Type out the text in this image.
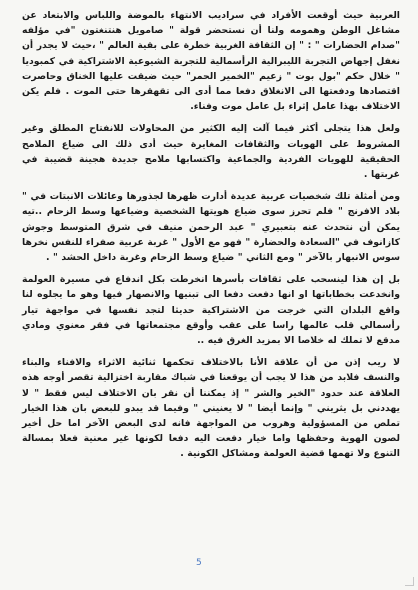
العربية حيث أوقعت الأفراد في سراديب الانتهاء بالموضة واللباس والابتعاد عن مشاغل الوطن وهمومه ولنا أن نستحضر قولة " صامويل هنتنغتون "في مؤلفه "صدام الحضارات " : " إن الثقافة الغربية خطرة على بقية العالم " ،حيث لا يجدر أن نغفل إجهاض التجربة الليبرالية الرأسمالية للتجربة الشيوعية الاشتراكية في كمبوديا " خلال حكم "بول بوت " زعيم "الخمير الحمر" حيث ضيقت عليها الخناق وحاصرت اقتصادها ودفعتها الى الانغلاق دفعا مما أدى الى تقهقرها حتى الموت . فلم يكن الاختلاف بهذا عامل إثراء بل عامل موت وفناء.

ولعل هذا يتجلى أكثر فيما آلت إليه الكثير من المحاولات للانفتاح المطلق وغير المشروط على الهويات والثقافات المغايرة حيث أدى ذلك الى ضياع الملامح الحقيقية للهويات الفردية والجماعية واكتسابها ملامح جديدة هجينة قضيبة في غربتها .

ومن أمثلة تلك شخصيات عربية عديدة أدارت ظهرها لجذورها وعائلات الانبتات في " بلاد الافرنج " فلم تحرز سوى ضياع هويتها الشخصية وضياعها وسط الزحام ..تيه يمكن أن نتحدث عنه بتعبيري " عبد الرحمن منيف في شرق المتوسط وجوش كازانوف في "السعادة والحضارة " فهو مع الأول " غربة عربية صفراء للنفس نخرها سوس الانبهار بالآخر " ومع الثاني " ضياع وسط الزحام وغربة داخل الحشد " .

بل إن هذا لينسحب على ثقافات بأسرها انخرطت بكل اندفاع في مسيرة العولمة وانخدعت بخطاباتها او انها دفعت دفعا الى تبنيها والانصهار فيها وهو ما يجلوه لنا واقع البلدان التي خرجت من الاشتراكية حديثا لتجد نفسها في مواجهة تيار رأسمالي قلب عالمها راسا على عقب وأوقع مجتمعاتها في فقر معنوي ومادي مدقع لا تملك له خلاصا الا بمزيد الغرق فيه ..

لا ريب إذن من أن علاقة الأنا بالاختلاف تحكمها ثنائية الاثراء والافناء والبناء والنسف فلابد من هذا لا يجب أن يوقعنا في شباك مقاربة اختزالية تقصر أوجه هذه العلاقة عند حدود "الخير والشر " إذ يمكننا أن نقر بان الاختلاف ليس فقط " لا يهددني بل يثريني " وإنما أيضا " لا يعنيني " وفيما قد يبدو للبعض بان هذا الخيار تملص من المسؤولية وهروب من المواجهة فانه لدى البعض الآخر اما حل أخير لصون الهوية وحفظها واما خيار دفعت اليه دفعا لكونها غير معنية فعلا بمسالة التنوع ولا تهمها قضية العولمة ومشاكل الكونية .

5
